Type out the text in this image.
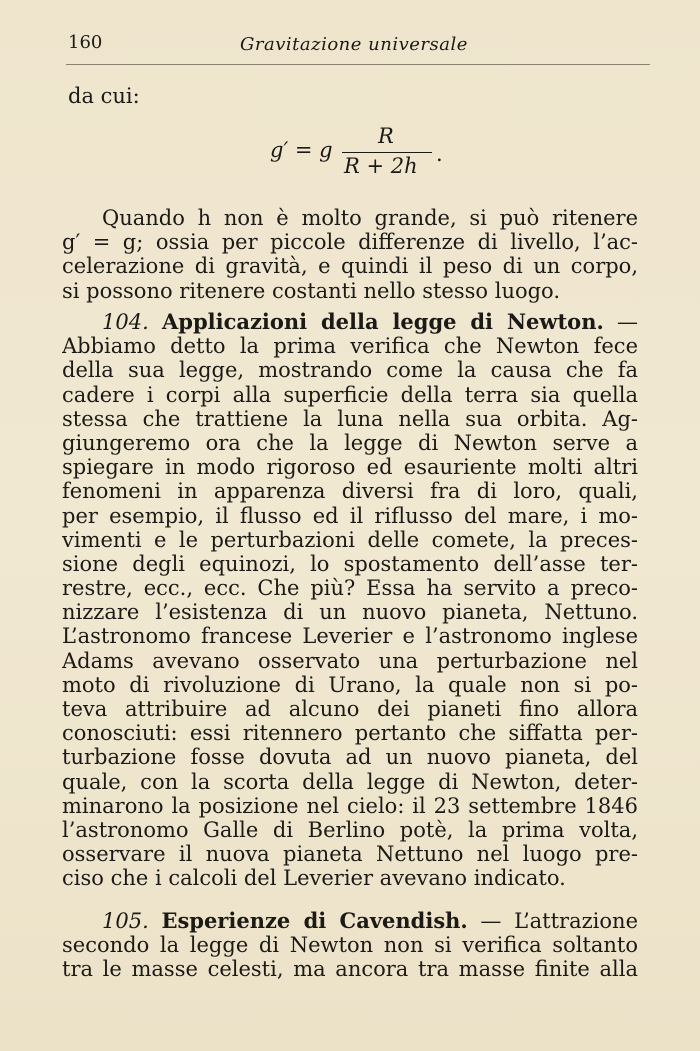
160	Gravitazione universale
da cui:
g′ = g
R
R + 2h .
Quando h non è molto grande, si può ritenere
g′ = g; ossia per piccole differenze di livello, l’ac-
celerazione di gravità, e quindi il peso di un corpo,
si possono ritenere costanti nello stesso luogo.
104. Applicazioni della legge di Newton. —
Abbiamo detto la prima verifica che Newton fece
della sua legge, mostrando come la causa che fa
cadere i corpi alla superficie della terra sia quella
stessa che trattiene la luna nella sua orbita. Ag-
giungeremo ora che la legge di Newton serve a
spiegare in modo rigoroso ed esauriente molti altri
fenomeni in apparenza diversi fra di loro, quali,
per esempio, il flusso ed il riflusso del mare, i mo-
vimenti e le perturbazioni delle comete, la preces-
sione degli equinozi, lo spostamento dell’asse ter-
restre, ecc., ecc. Che più? Essa ha servito a preco-
nizzare l’esistenza di un nuovo pianeta, Nettuno.
L’astronomo francese Leverier e l’astronomo inglese
Adams avevano osservato una perturbazione nel
moto di rivoluzione di Urano, la quale non si po-
teva attribuire ad alcuno dei pianeti fino allora
conosciuti: essi ritennero pertanto che siffatta per-
turbazione fosse dovuta ad un nuovo pianeta, del
quale, con la scorta della legge di Newton, deter-
minarono la posizione nel cielo: il 23 settembre 1846
l’astronomo Galle di Berlino potè, la prima volta,
osservare il nuova pianeta Nettuno nel luogo pre-
ciso che i calcoli del Leverier avevano indicato.
105. Esperienze di Cavendish. — L’attrazione
secondo la legge di Newton non si verifica soltanto
tra le masse celesti, ma ancora tra masse finite alla
